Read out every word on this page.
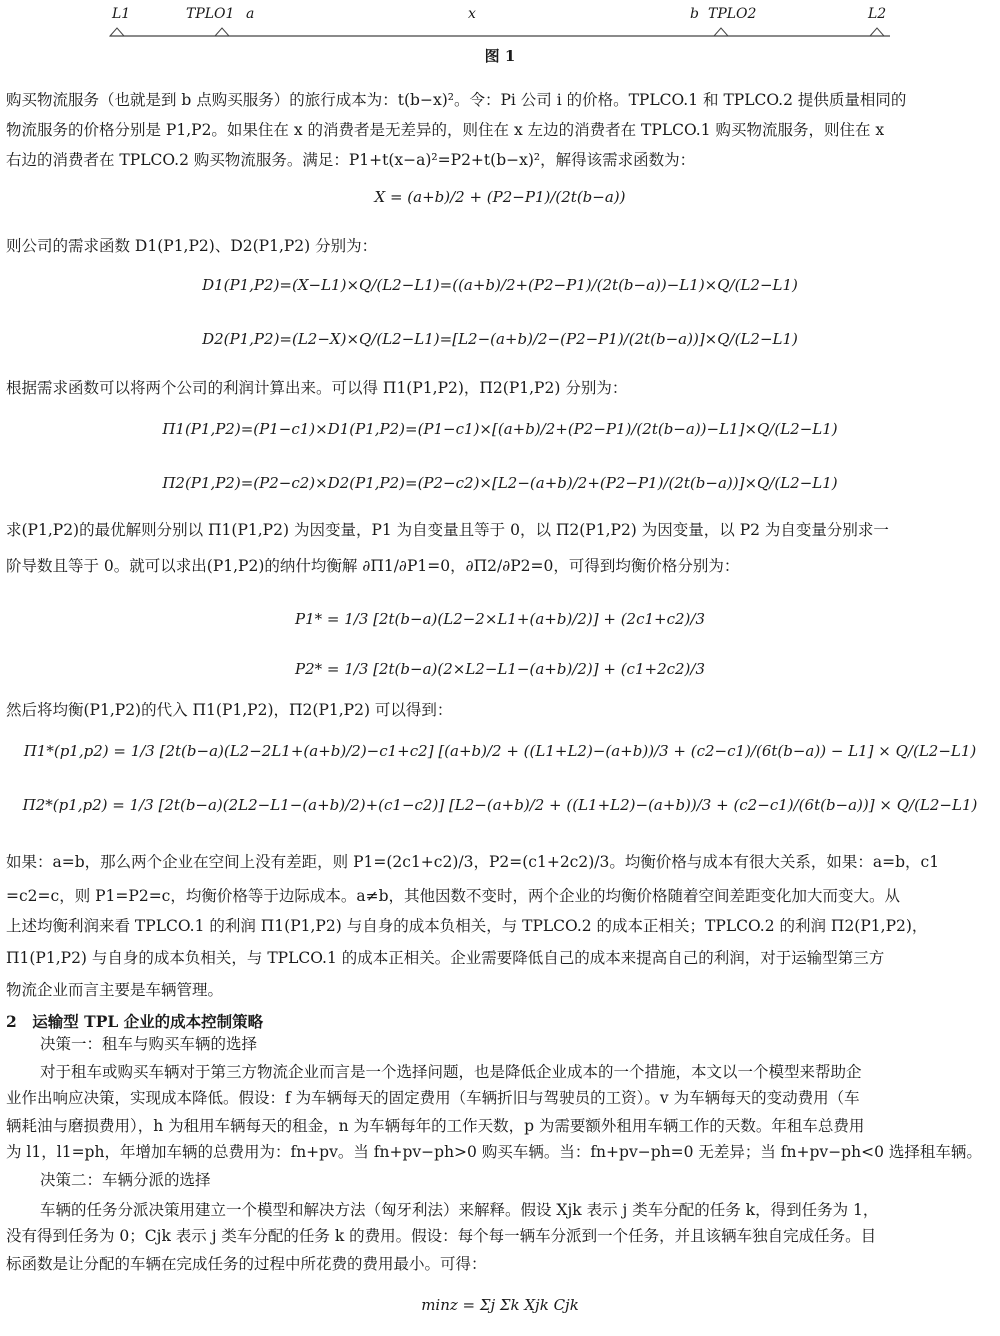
L1	TPLO1 a	x	b TPLO2	L2
图 1
购买物流服务（也就是到 b 点购买服务）的旅行成本为：t(b−x)²。令：Pi 公司 i 的价格。TPLCO.1 和 TPLCO.2 提供质量相同的
物流服务的价格分别是 P1,P2。如果住在 x 的消费者是无差异的，则住在 x 左边的消费者在 TPLCO.1 购买物流服务，则住在 x
右边的消费者在 TPLCO.2 购买物流服务。满足：P1+t(x−a)²=P2+t(b−x)²，解得该需求函数为：
X = (a+b)/2 + (P2−P1)/(2t(b−a))
则公司的需求函数 D1(P1,P2)、D2(P1,P2) 分别为：
D1(P1,P2)=(X−L1)×Q/(L2−L1)=((a+b)/2+(P2−P1)/(2t(b−a))−L1)×Q/(L2−L1)
D2(P1,P2)=(L2−X)×Q/(L2−L1)=[L2−(a+b)/2−(P2−P1)/(2t(b−a))]×Q/(L2−L1)
根据需求函数可以将两个公司的利润计算出来。可以得 Π1(P1,P2)，Π2(P1,P2) 分别为：
Π1(P1,P2)=(P1−c1)×D1(P1,P2)=(P1−c1)×[(a+b)/2+(P2−P1)/(2t(b−a))−L1]×Q/(L2−L1)
Π2(P1,P2)=(P2−c2)×D2(P1,P2)=(P2−c2)×[L2−(a+b)/2+(P2−P1)/(2t(b−a))]×Q/(L2−L1)
求(P1,P2)的最优解则分别以 Π1(P1,P2) 为因变量，P1 为自变量且等于 0，以 Π2(P1,P2) 为因变量，以 P2 为自变量分别求一
阶导数且等于 0。就可以求出(P1,P2)的纳什均衡解 ∂Π1/∂P1=0，∂Π2/∂P2=0，可得到均衡价格分别为：
P1* = 1/3 [2t(b−a)(L2−2×L1+(a+b)/2)] + (2c1+c2)/3
P2* = 1/3 [2t(b−a)(2×L2−L1−(a+b)/2)] + (c1+2c2)/3
然后将均衡(P1,P2)的代入 Π1(P1,P2)，Π2(P1,P2) 可以得到：
Π1*(p1,p2) = 1/3 [2t(b−a)(L2−2L1+(a+b)/2)−c1+c2] [(a+b)/2 + ((L1+L2)−(a+b))/3 + (c2−c1)/(6t(b−a)) − L1] × Q/(L2−L1)
Π2*(p1,p2) = 1/3 [2t(b−a)(2L2−L1−(a+b)/2)+(c1−c2)] [L2−(a+b)/2 + ((L1+L2)−(a+b))/3 + (c2−c1)/(6t(b−a))] × Q/(L2−L1)
如果：a=b，那么两个企业在空间上没有差距，则 P1=(2c1+c2)/3，P2=(c1+2c2)/3。均衡价格与成本有很大关系，如果：a=b，c1
=c2=c，则 P1=P2=c，均衡价格等于边际成本。a≠b，其他因数不变时，两个企业的均衡价格随着空间差距变化加大而变大。从
上述均衡利润来看 TPLCO.1 的利润 Π1(P1,P2) 与自身的成本负相关，与 TPLCO.2 的成本正相关；TPLCO.2 的利润 Π2(P1,P2)，
Π1(P1,P2) 与自身的成本负相关，与 TPLCO.1 的成本正相关。企业需要降低自己的成本来提高自己的利润，对于运输型第三方
物流企业而言主要是车辆管理。
2　运输型 TPL 企业的成本控制策略
决策一：租车与购买车辆的选择
对于租车或购买车辆对于第三方物流企业而言是一个选择问题，也是降低企业成本的一个措施，本文以一个模型来帮助企
业作出响应决策，实现成本降低。假设：f 为车辆每天的固定费用（车辆折旧与驾驶员的工资）。v 为车辆每天的变动费用（车
辆耗油与磨损费用），h 为租用车辆每天的租金，n 为车辆每年的工作天数，p 为需要额外租用车辆工作的天数。年租车总费用
为 l1，l1=ph，年增加车辆的总费用为：fn+pv。当 fn+pv−ph>0 购买车辆。当：fn+pv−ph=0 无差异；当 fn+pv−ph<0 选择租车辆。
决策二：车辆分派的选择
车辆的任务分派决策用建立一个模型和解决方法（匈牙利法）来解释。假设 Xjk 表示 j 类车分配的任务 k，得到任务为 1，
没有得到任务为 0；Cjk 表示 j 类车分配的任务 k 的费用。假设：每个每一辆车分派到一个任务，并且该辆车独自完成任务。目
标函数是让分配的车辆在完成任务的过程中所花费的费用最小。可得：
minz = Σj Σk Xjk Cjk
